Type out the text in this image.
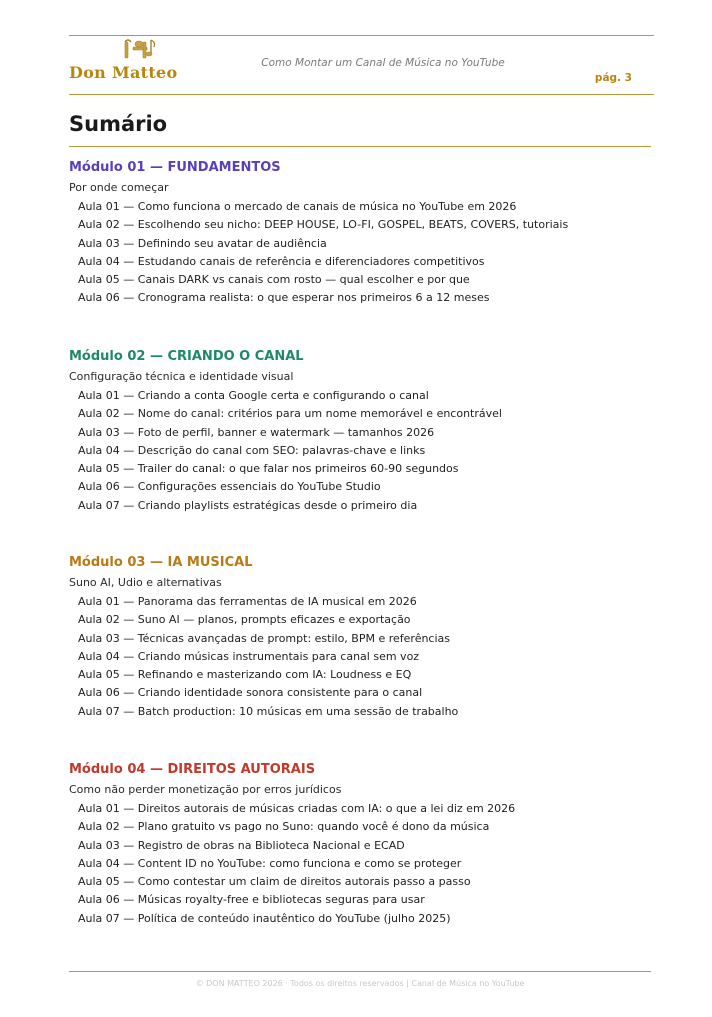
Don Matteo	Como Montar um Canal de Música no YouTube
pág. 3
Sumário
Módulo 01 — FUNDAMENTOS
Por onde começar
Aula 01 — Como funciona o mercado de canais de música no YouTube em 2026
Aula 02 — Escolhendo seu nicho: DEEP HOUSE, LO-FI, GOSPEL, BEATS, COVERS, tutoriais
Aula 03 — Definindo seu avatar de audiência
Aula 04 — Estudando canais de referência e diferenciadores competitivos
Aula 05 — Canais DARK vs canais com rosto — qual escolher e por que
Aula 06 — Cronograma realista: o que esperar nos primeiros 6 a 12 meses
Módulo 02 — CRIANDO O CANAL
Configuração técnica e identidade visual
Aula 01 — Criando a conta Google certa e configurando o canal
Aula 02 — Nome do canal: critérios para um nome memorável e encontrável
Aula 03 — Foto de perfil, banner e watermark — tamanhos 2026
Aula 04 — Descrição do canal com SEO: palavras-chave e links
Aula 05 — Trailer do canal: o que falar nos primeiros 60-90 segundos
Aula 06 — Configurações essenciais do YouTube Studio
Aula 07 — Criando playlists estratégicas desde o primeiro dia
Módulo 03 — IA MUSICAL
Suno AI, Udio e alternativas
Aula 01 — Panorama das ferramentas de IA musical em 2026
Aula 02 — Suno AI — planos, prompts eficazes e exportação
Aula 03 — Técnicas avançadas de prompt: estilo, BPM e referências
Aula 04 — Criando músicas instrumentais para canal sem voz
Aula 05 — Refinando e masterizando com IA: Loudness e EQ
Aula 06 — Criando identidade sonora consistente para o canal
Aula 07 — Batch production: 10 músicas em uma sessão de trabalho
Módulo 04 — DIREITOS AUTORAIS
Como não perder monetização por erros jurídicos
Aula 01 — Direitos autorais de músicas criadas com IA: o que a lei diz em 2026
Aula 02 — Plano gratuito vs pago no Suno: quando você é dono da música
Aula 03 — Registro de obras na Biblioteca Nacional e ECAD
Aula 04 — Content ID no YouTube: como funciona e como se proteger
Aula 05 — Como contestar um claim de direitos autorais passo a passo
Aula 06 — Músicas royalty-free e bibliotecas seguras para usar
Aula 07 — Política de conteúdo inautêntico do YouTube (julho 2025)
© DON MATTEO 2026 · Todos os direitos reservados | Canal de Música no YouTube
